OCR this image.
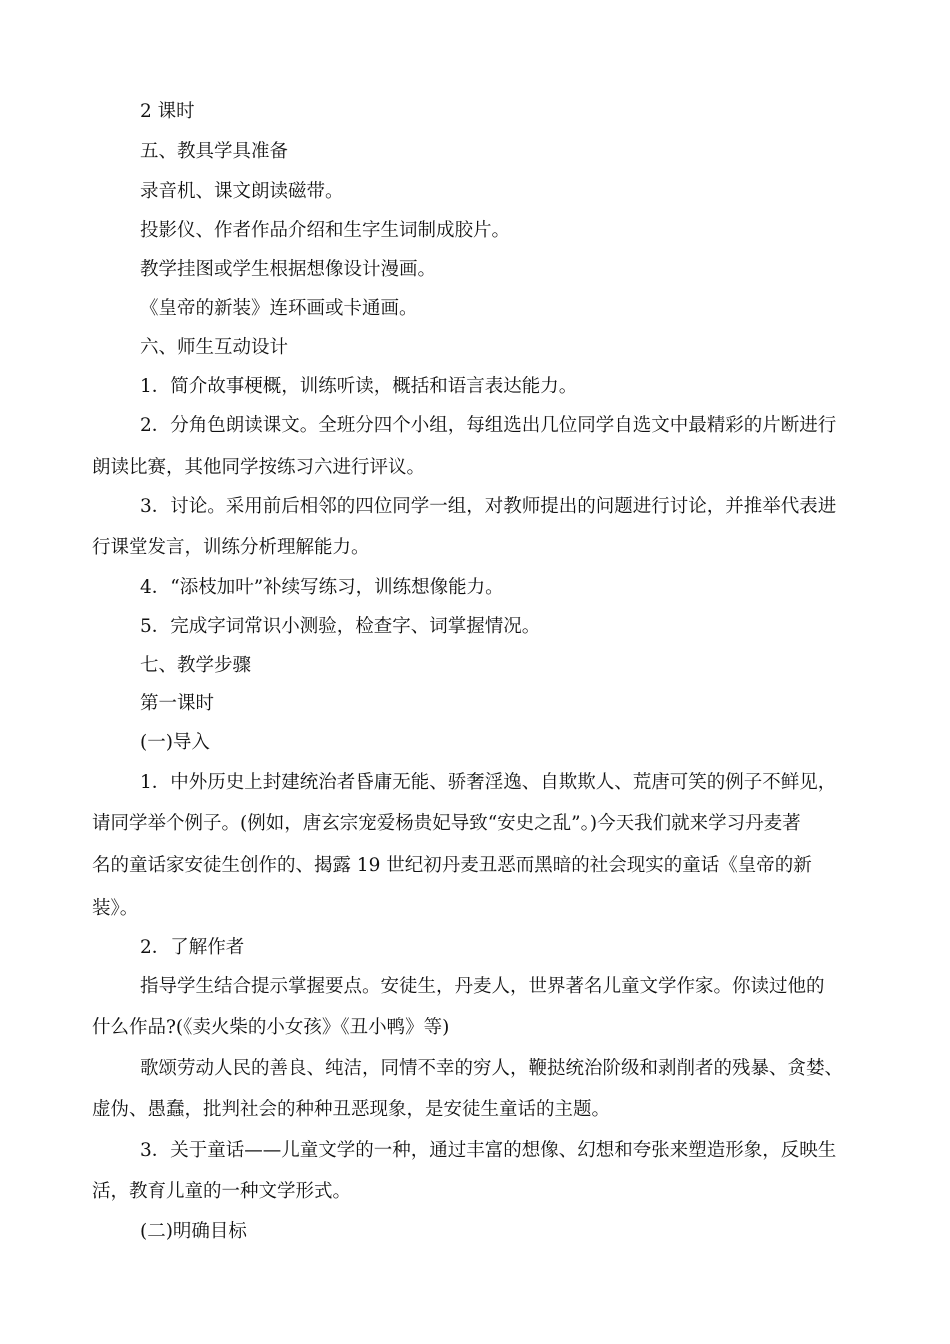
2 课时
五、教具学具准备
录音机、课文朗读磁带。
投影仪、作者作品介绍和生字生词制成胶片。
教学挂图或学生根据想像设计漫画。
《皇帝的新装》连环画或卡通画。
六、师生互动设计
1．简介故事梗概，训练听读，概括和语言表达能力。
2．分角色朗读课文。全班分四个小组，每组选出几位同学自选文中最精彩的片断进行
朗读比赛，其他同学按练习六进行评议。
3．讨论。采用前后相邻的四位同学一组，对教师提出的问题进行讨论，并推举代表进
行课堂发言，训练分析理解能力。
4．“添枝加叶”补续写练习，训练想像能力。
5．完成字词常识小测验，检查字、词掌握情况。
七、教学步骤
第一课时
(一)导入
1．中外历史上封建统治者昏庸无能、骄奢淫逸、自欺欺人、荒唐可笑的例子不鲜见，
请同学举个例子。(例如，唐玄宗宠爱杨贵妃导致“安史之乱”。)今天我们就来学习丹麦著
名的童话家安徒生创作的、揭露 19 世纪初丹麦丑恶而黑暗的社会现实的童话《皇帝的新
装》。
2．了解作者
指导学生结合提示掌握要点。安徒生，丹麦人，世界著名儿童文学作家。你读过他的
什么作品?(《卖火柴的小女孩》《丑小鸭》等)
歌颂劳动人民的善良、纯洁，同情不幸的穷人，鞭挞统治阶级和剥削者的残暴、贪婪、
虚伪、愚蠢，批判社会的种种丑恶现象，是安徒生童话的主题。
3．关于童话——儿童文学的一种，通过丰富的想像、幻想和夸张来塑造形象，反映生
活，教育儿童的一种文学形式。
(二)明确目标
